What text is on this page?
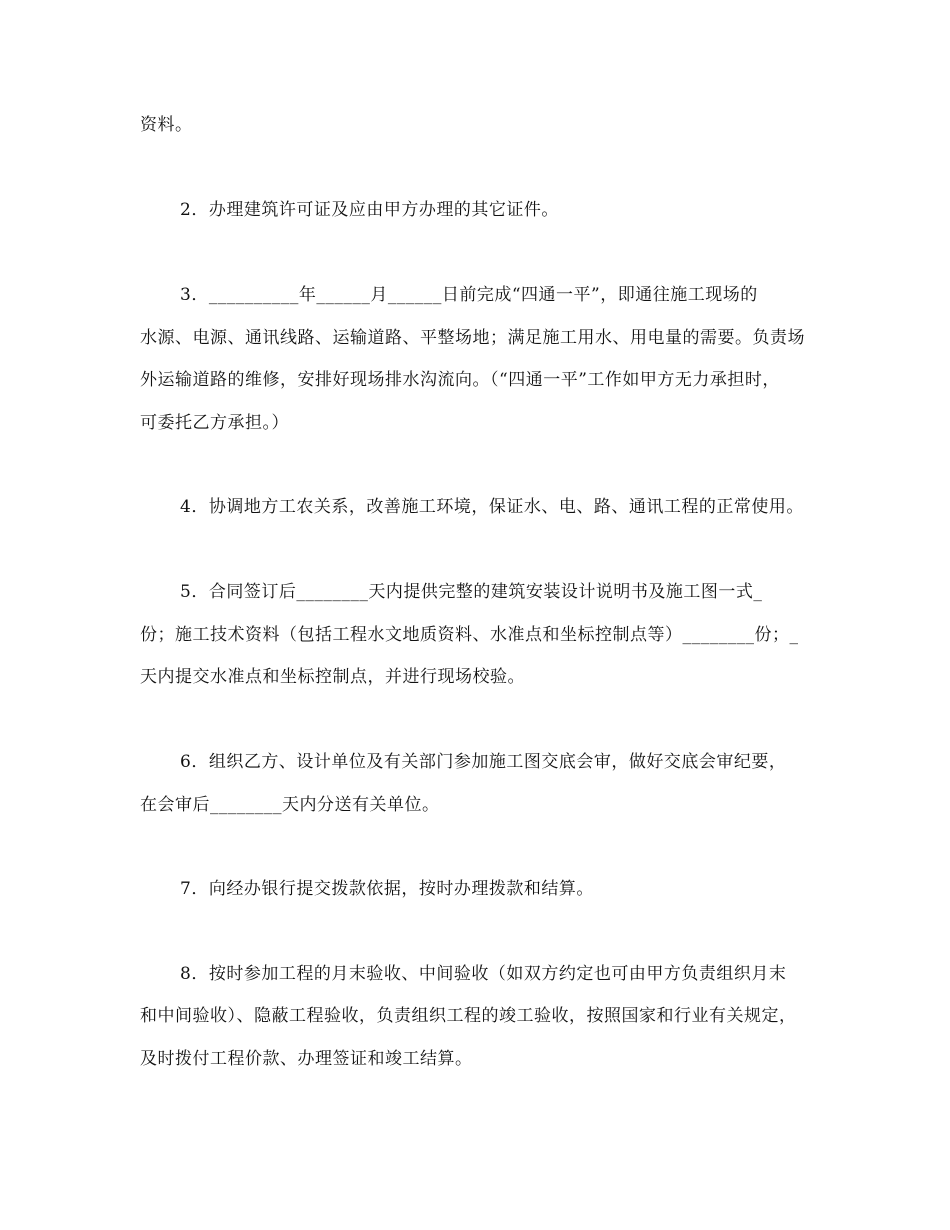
资料。
2．办理建筑许可证及应由甲方办理的其它证件。
3．__________年______月______日前完成“四通一平”，即通往施工现场的
水源、电源、通讯线路、运输道路、平整场地；满足施工用水、用电量的需要。负责场
外运输道路的维修，安排好现场排水沟流向。（“四通一平”工作如甲方无力承担时，
可委托乙方承担。）
4．协调地方工农关系，改善施工环境，保证水、电、路、通讯工程的正常使用。
5．合同签订后________天内提供完整的建筑安装设计说明书及施工图一式_
份；施工技术资料（包括工程水文地质资料、水准点和坐标控制点等）________份；_
天内提交水准点和坐标控制点，并进行现场校验。
6．组织乙方、设计单位及有关部门参加施工图交底会审，做好交底会审纪要，
在会审后________天内分送有关单位。
7．向经办银行提交拨款依据，按时办理拨款和结算。
8．按时参加工程的月末验收、中间验收（如双方约定也可由甲方负责组织月末
和中间验收）、隐蔽工程验收，负责组织工程的竣工验收，按照国家和行业有关规定，
及时拨付工程价款、办理签证和竣工结算。
